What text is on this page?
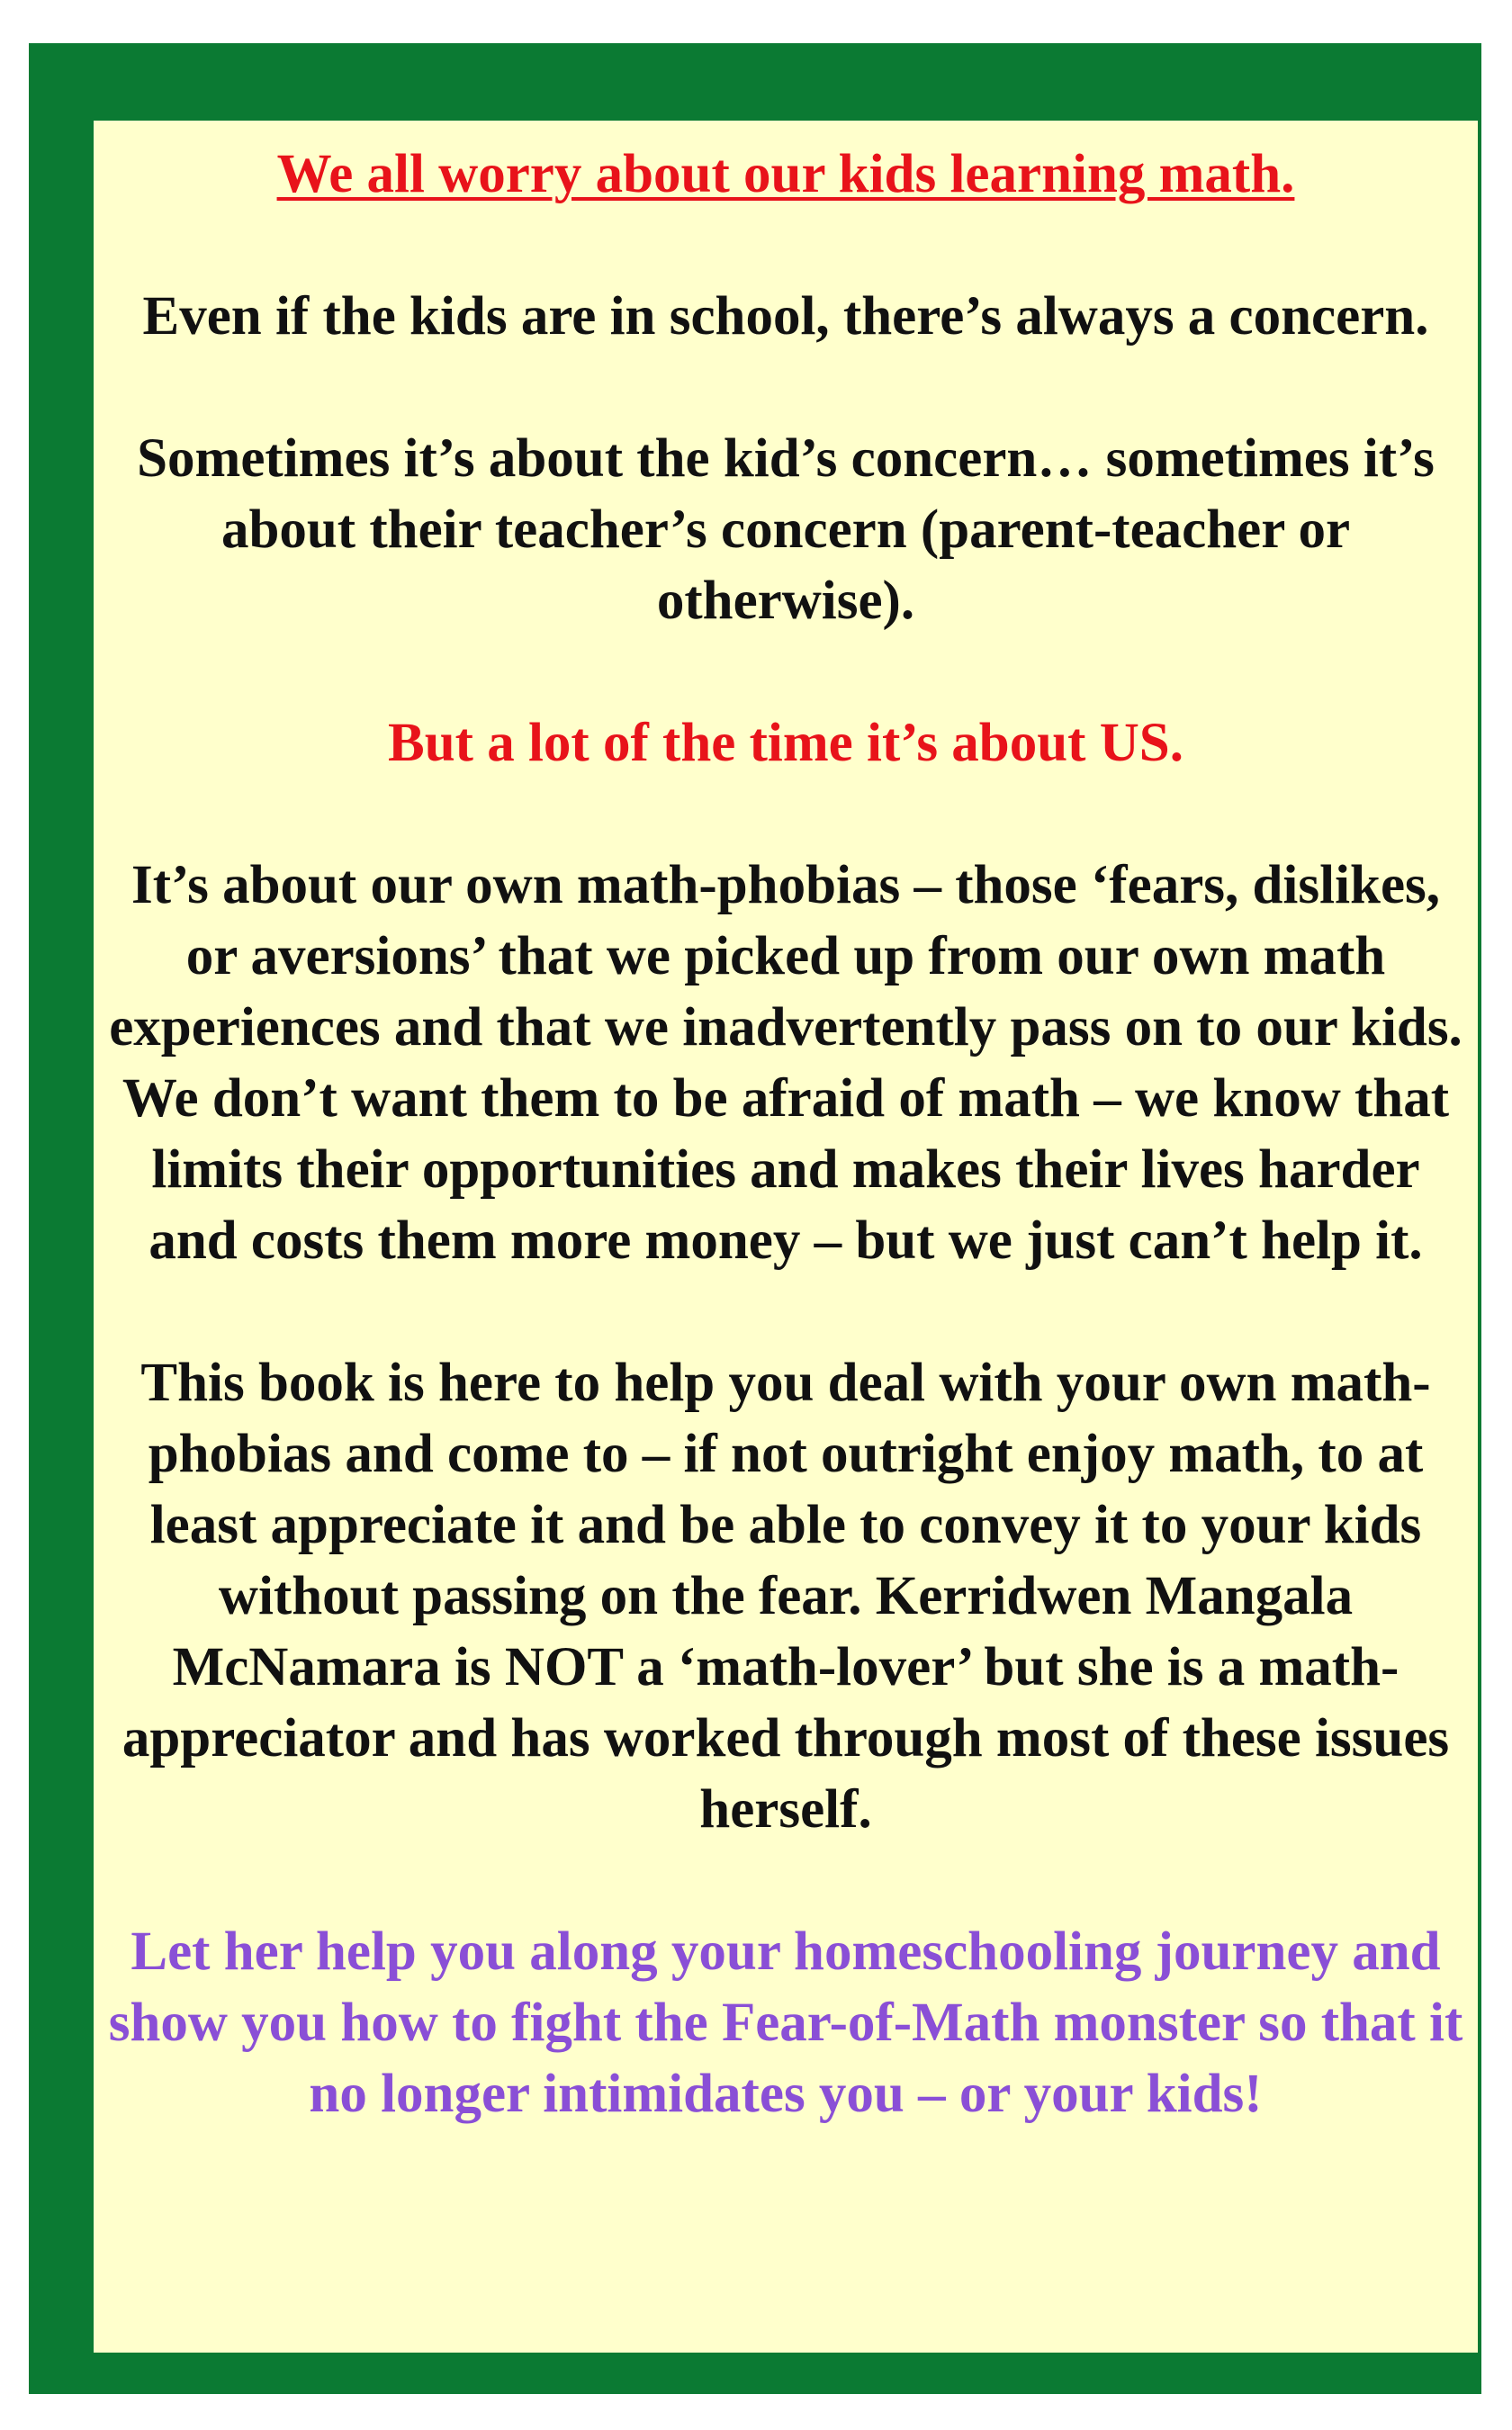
We all worry about our kids learning math.

Even if the kids are in school, there’s always a concern.

Sometimes it’s about the kid’s concern… sometimes it’s about their teacher’s concern (parent-teacher or otherwise).

But a lot of the time it’s about US.

It’s about our own math-phobias – those ‘fears, dislikes, or aversions’ that we picked up from our own math experiences and that we inadvertently pass on to our kids. We don’t want them to be afraid of math – we know that limits their opportunities and makes their lives harder and costs them more money – but we just can’t help it.

This book is here to help you deal with your own math-phobias and come to – if not outright enjoy math, to at least appreciate it and be able to convey it to your kids without passing on the fear. Kerridwen Mangala McNamara is NOT a ‘math-lover’ but she is a math-appreciator and has worked through most of these issues herself.

Let her help you along your homeschooling journey and show you how to fight the Fear-of-Math monster so that it no longer intimidates you – or your kids!
